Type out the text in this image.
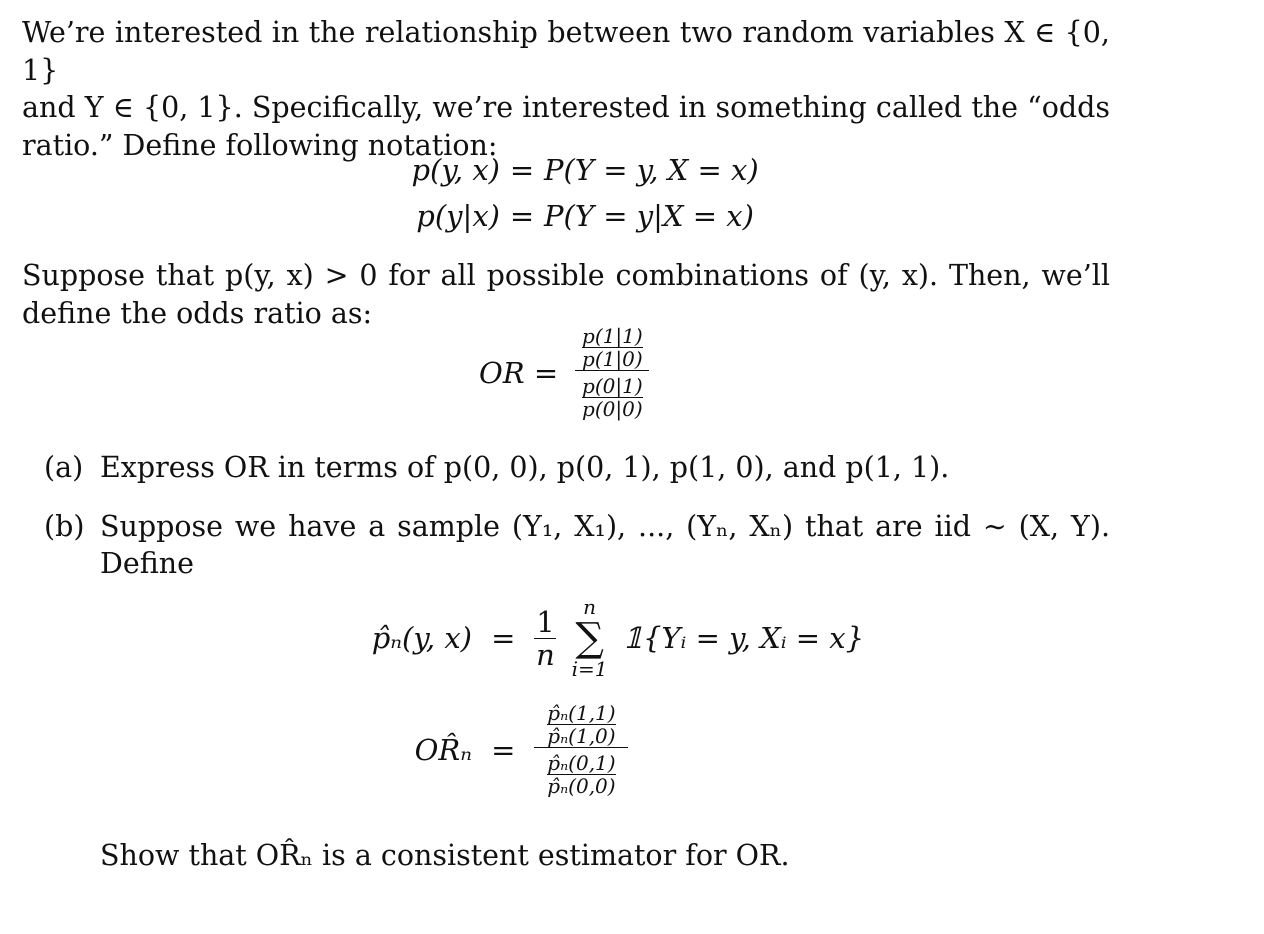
We’re interested in the relationship between two random variables X ∈ {0, 1}
and Y ∈ {0, 1}. Specifically, we’re interested in something called the “odds
ratio.” Define following notation:
p(y, x) = P(Y = y, X = x)
p(y|x) = P(Y = y|X = x)
Suppose that p(y, x) > 0 for all possible combinations of (y, x). Then, we’ll
define the odds ratio as:
OR = p(1|1)
p(1|0)
p(0|1)
p(0|0)
(a) Express OR in terms of p(0, 0), p(0, 1), p(1, 0), and p(1, 1).
(b) Suppose we have a sample (Y₁, X₁), ..., (Yₙ, Xₙ) that are iid ∼ (X, Y).
Define
p̂ₙ(y, $x) = \frac{1}{n}$
n
∑
i=1
𝟙{Yᵢ = y, Xᵢ = x}
OR̂ₙ = p̂ₙ(1,1)
p̂ₙ(1,0)
p̂ₙ(0,1)
p̂ₙ(0,0)
Show that OR̂ₙ is a consistent estimator for OR.
